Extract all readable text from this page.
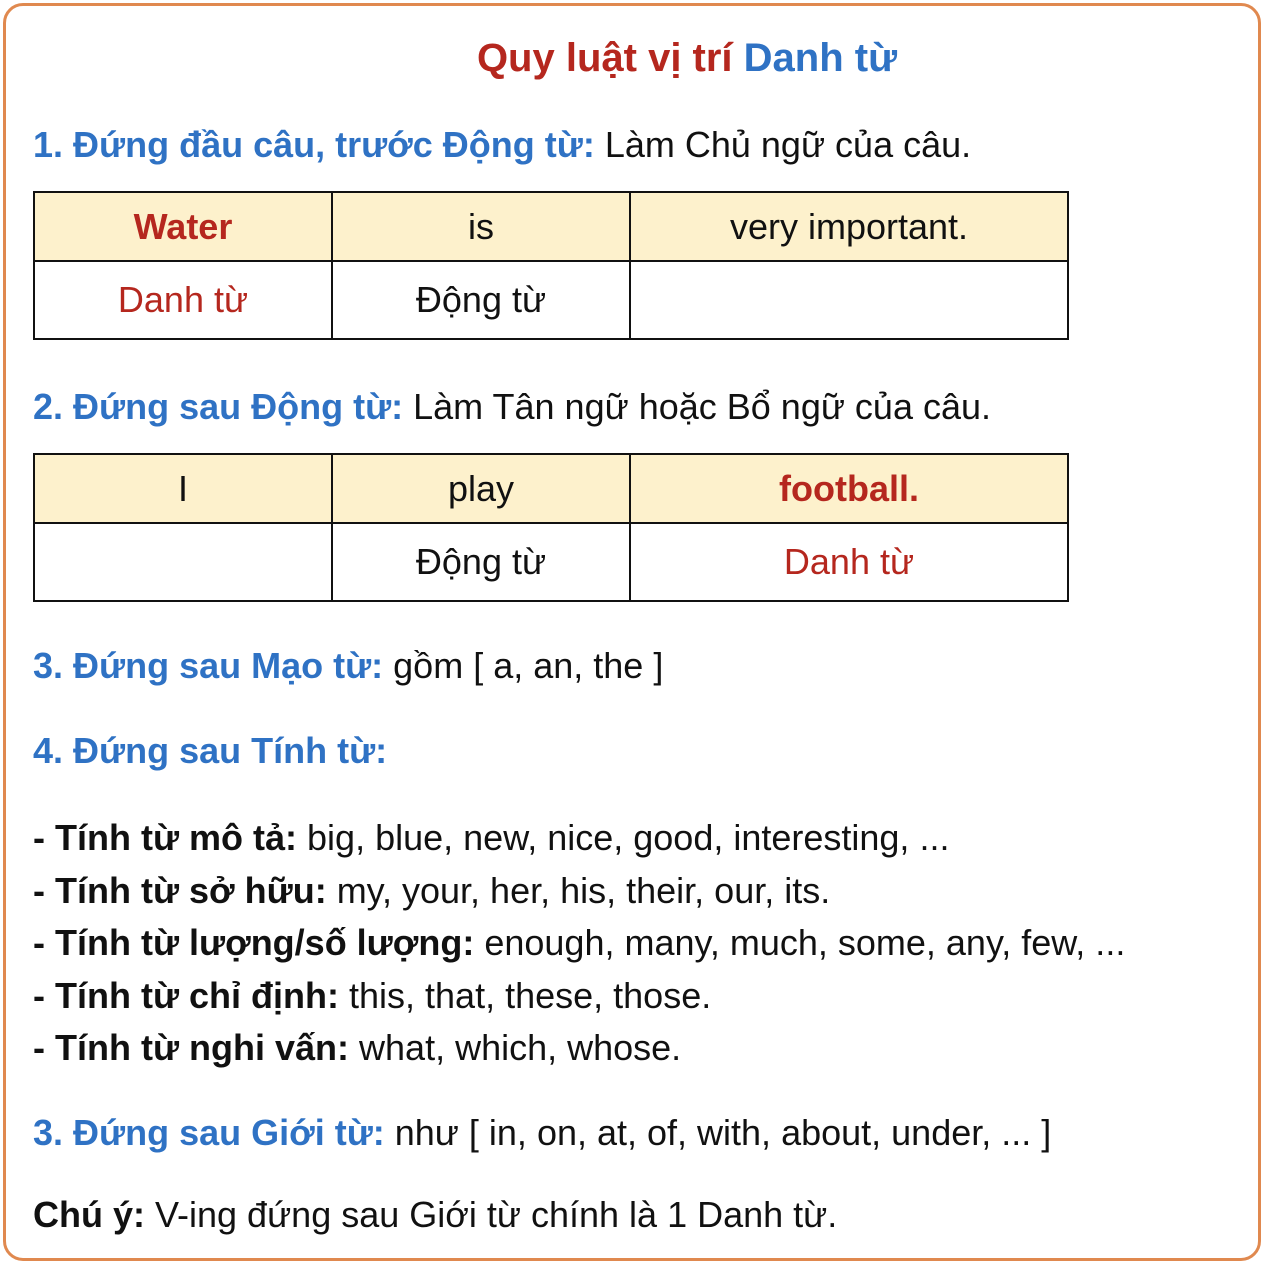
Quy luật vị trí Danh từ
1. Đứng đầu câu, trước Động từ: Làm Chủ ngữ của câu.
Water	is	very important.
Danh từ	Động từ	
2. Đứng sau Động từ: Làm Tân ngữ hoặc Bổ ngữ của câu.
I	play	football.
	Động từ	Danh từ
3. Đứng sau Mạo từ: gồm [ a, an, the ]
4. Đứng sau Tính từ:
- Tính từ mô tả: big, blue, new, nice, good, interesting, ...
- Tính từ sở hữu: my, your, her, his, their, our, its.
- Tính từ lượng/số lượng: enough, many, much, some, any, few, ...
- Tính từ chỉ định: this, that, these, those.
- Tính từ nghi vấn: what, which, whose.
3. Đứng sau Giới từ: như [ in, on, at, of, with, about, under, ... ]
Chú ý: V-ing đứng sau Giới từ chính là 1 Danh từ.
